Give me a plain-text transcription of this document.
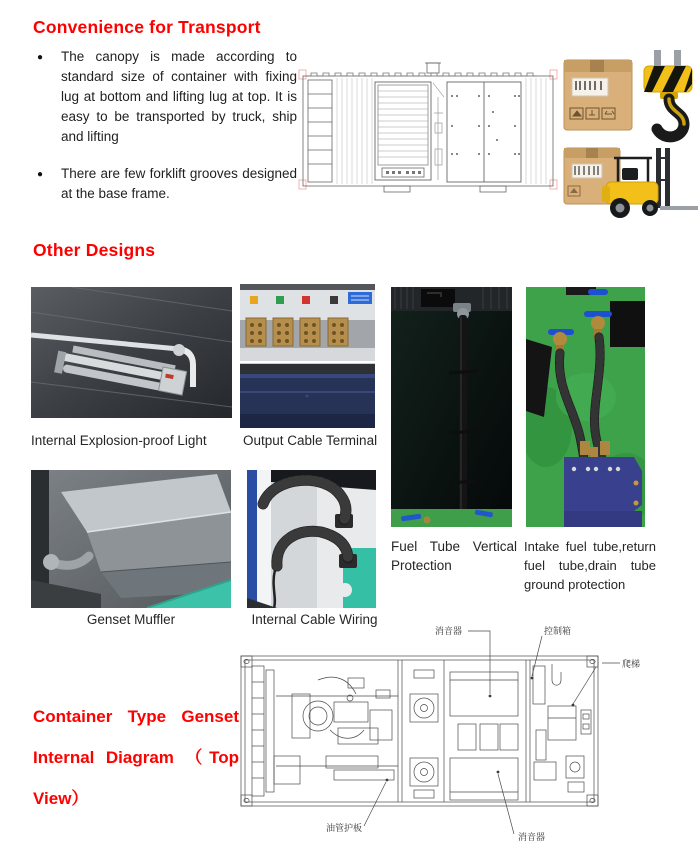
Convenience for Transport
● The canopy is made according to standard size of container with fixing lug at bottom and lifting lug at top. It is easy to be transported by truck, ship and lifting
● There are few forklift grooves designed at the base frame.
Other Designs
Internal Explosion-proof Light	Output Cable Terminal
Fuel Tube Vertical Protection
Intake fuel tube,return fuel tube,drain tube ground protection
Genset Muffler	Internal Cable Wiring
Container Type Genset Internal Diagram （Top View）
消音器	控制箱
爬梯
油管护板
消音器
